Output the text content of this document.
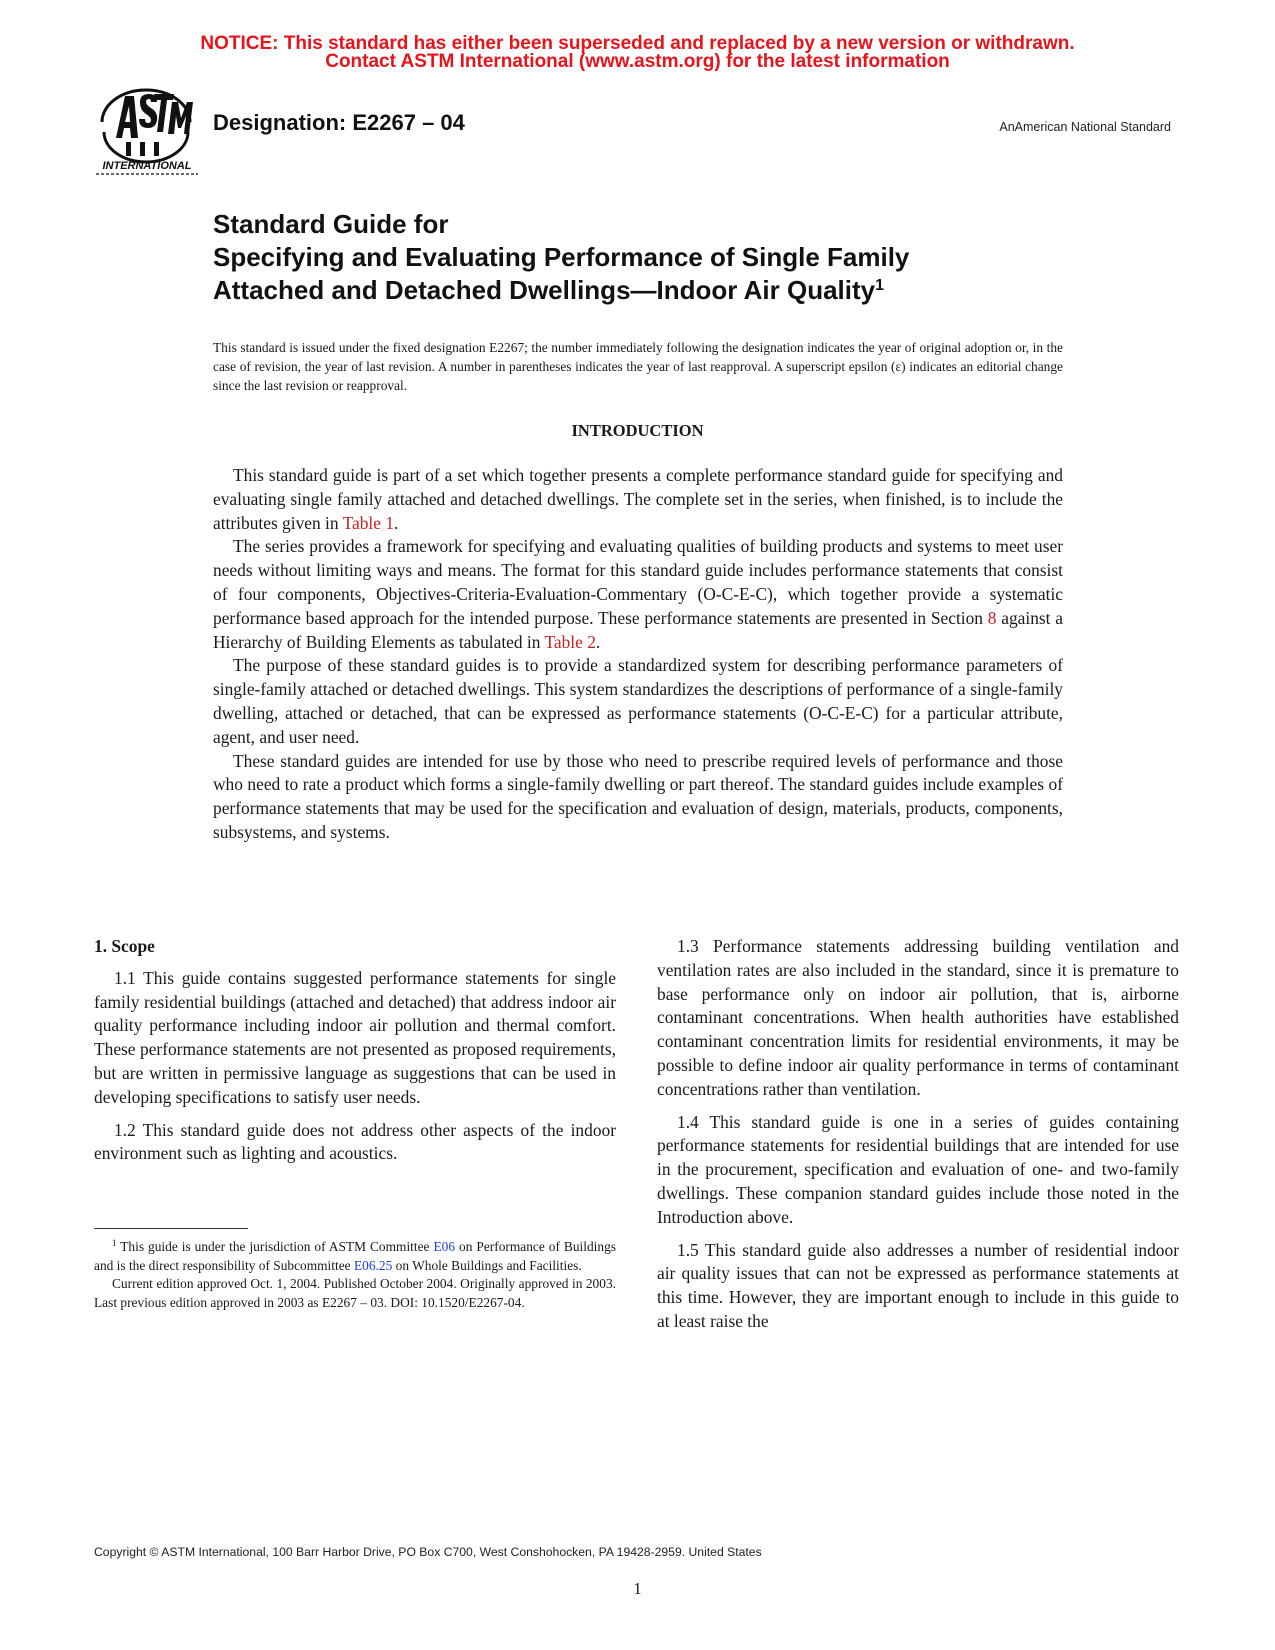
NOTICE: This standard has either been superseded and replaced by a new version or withdrawn.
Contact ASTM International (www.astm.org) for the latest information
INTERNATIONAL
Designation: E2267 – 04	AnAmerican National Standard
Standard Guide for
Specifying and Evaluating Performance of Single Family
Attached and Detached Dwellings—Indoor Air Quality$^1$
This standard is issued under the fixed designation E2267; the number immediately following the designation indicates the year of original adoption or, in the case of revision, the year of last revision. A number in parentheses indicates the year of last reapproval. A superscript epsilon (ε) indicates an editorial change since the last revision or reapproval.
INTRODUCTION

This standard guide is part of a set which together presents a complete performance standard guide for specifying and evaluating single family attached and detached dwellings. The complete set in the series, when finished, is to include the attributes given in Table 1.

The series provides a framework for specifying and evaluating qualities of building products and systems to meet user needs without limiting ways and means. The format for this standard guide includes performance statements that consist of four components, Objectives-Criteria-Evaluation-Commentary (O-C-E-C), which together provide a systematic performance based approach for the intended purpose. These performance statements are presented in Section 8 against a Hierarchy of Building Elements as tabulated in Table 2.

The purpose of these standard guides is to provide a standardized system for describing performance parameters of single-family attached or detached dwellings. This system standardizes the descriptions of performance of a single-family dwelling, attached or detached, that can be expressed as performance statements (O-C-E-C) for a particular attribute, agent, and user need.

These standard guides are intended for use by those who need to prescribe required levels of performance and those who need to rate a product which forms a single-family dwelling or part thereof. The standard guides include examples of performance statements that may be used for the specification and evaluation of design, materials, products, components, subsystems, and systems.

1. Scope

1.1 This guide contains suggested performance statements for single family residential buildings (attached and detached) that address indoor air quality performance including indoor air pollution and thermal comfort. These performance statements are not presented as proposed requirements, but are written in permissive language as suggestions that can be used in developing specifications to satisfy user needs.

1.2 This standard guide does not address other aspects of the indoor environment such as lighting and acoustics.

1.3 Performance statements addressing building ventilation and ventilation rates are also included in the standard, since it is premature to base performance only on indoor air pollution, that is, airborne contaminant concentrations. When health authorities have established contaminant concentration limits for residential environments, it may be possible to define indoor air quality performance in terms of contaminant concentrations rather than ventilation.

1.4 This standard guide is one in a series of guides containing performance statements for residential buildings that are intended for use in the procurement, specification and evaluation of one- and two-family dwellings. These companion standard guides include those noted in the Introduction above.

1.5 This standard guide also addresses a number of residential indoor air quality issues that can not be expressed as performance statements at this time. However, they are important enough to include in this guide to at least raise the

$^1$ This guide is under the jurisdiction of ASTM Committee E06 on Performance of Buildings and is the direct responsibility of Subcommittee E06.25 on Whole Buildings and Facilities.

Current edition approved Oct. 1, 2004. Published October 2004. Originally approved in 2003. Last previous edition approved in 2003 as E2267 – 03. DOI: 10.1520/E2267-04.

Copyright © ASTM International, 100 Barr Harbor Drive, PO Box C700, West Conshohocken, PA 19428-2959. United States
1
